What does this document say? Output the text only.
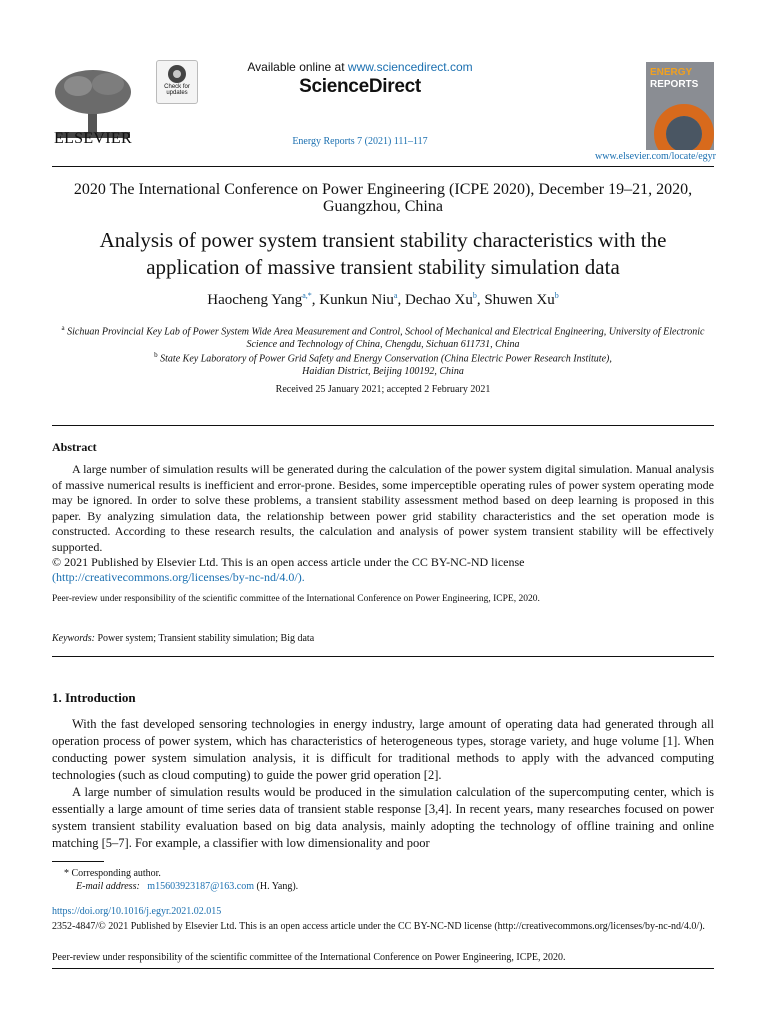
ELSEVIER
Check for updates
Available online at www.sciencedirect.com
ScienceDirect
Energy Reports 7 (2021) 111–117
ENERGY
REPORTS
www.elsevier.com/locate/egyr
2020 The International Conference on Power Engineering (ICPE 2020), December 19–21, 2020, Guangzhou, China
Analysis of power system transient stability characteristics with the application of massive transient stability simulation data
Haocheng Yang$^{a,*}$, Kunkun Niu$^a$, Dechao Xu$^b$, Shuwen Xu$^b$
$^a$ Sichuan Provincial Key Lab of Power System Wide Area Measurement and Control, School of Mechanical and Electrical Engineering, University of Electronic Science and Technology of China, Chengdu, Sichuan 611731, China
$^b$ State Key Laboratory of Power Grid Safety and Energy Conservation (China Electric Power Research Institute), Haidian District, Beijing 100192, China
Received 25 January 2021; accepted 2 February 2021
Abstract

A large number of simulation results will be generated during the calculation of the power system digital simulation. Manual analysis of massive numerical results is inefficient and error-prone. Besides, some imperceptible operating rules of power system operating mode may be ignored. In order to solve these problems, a transient stability assessment method based on deep learning is proposed in this paper. By analyzing simulation data, the relationship between power grid stability characteristics and the set operation mode is constructed. According to these research results, the calculation and analysis of power system transient stability will be effectively supported.

© 2021 Published by Elsevier Ltd. This is an open access article under the CC BY-NC-ND license
(http://creativecommons.org/licenses/by-nc-nd/4.0/).
Peer-review under responsibility of the scientific committee of the International Conference on Power Engineering, ICPE, 2020.
Keywords: Power system; Transient stability simulation; Big data
1. Introduction

With the fast developed sensoring technologies in energy industry, large amount of operating data had generated through all operation process of power system, which has characteristics of heterogeneous types, storage variety, and huge volume [1]. When conducting power system simulation analysis, it is difficult for traditional methods to apply with the advanced computing technologies (such as cloud computing) to guide the power grid operation [2].

A large number of simulation results would be produced in the simulation calculation of the supercomputing center, which is essentially a large amount of time series data of transient stable response [3,4]. In recent years, many researches focused on power system transient stability evaluation based on big data analysis, mainly adopting the technology of offline training and online matching [5–7]. For example, a classifier with low dimensionality and poor

* Corresponding author.
E-mail address: m15603923187@163.com (H. Yang).
https://doi.org/10.1016/j.egyr.2021.02.015
2352-4847/© 2021 Published by Elsevier Ltd. This is an open access article under the CC BY-NC-ND license (http://creativecommons.org/licenses/by-nc-nd/4.0/).
Peer-review under responsibility of the scientific committee of the International Conference on Power Engineering, ICPE, 2020.
